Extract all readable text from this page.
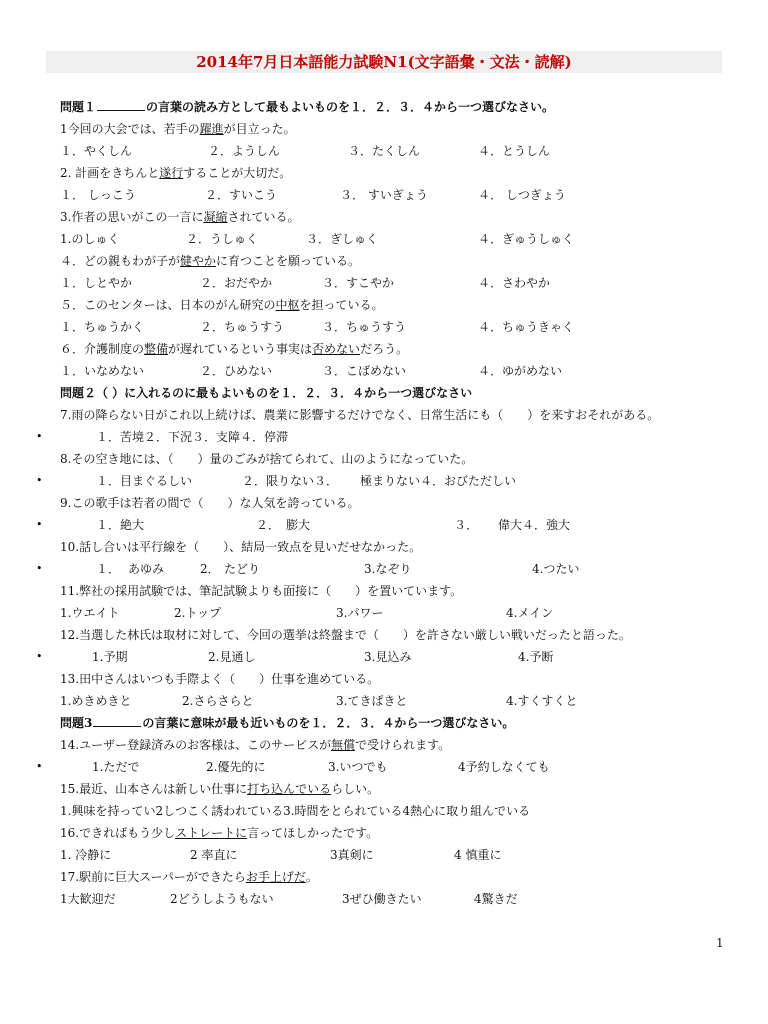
2014年7月日本語能力試験N1(文字語彙・文法・読解)
問題１	の言葉の読み方として最もよいものを１．２．３．４から一つ選びなさい。
1今回の大会では、若手の躍進が目立った。
１．やくしん	２．ようしん	３．たくしん	４．とうしん
2. 計画をきちんと遂行することが大切だ。
１． しっこう	２．すいこう	３． すいぎょう	４． しつぎょう
3.作者の思いがこの一言に凝縮されている。
1.のしゅく	２．うしゅく	３．ぎしゅく	４．ぎゅうしゅく
４．どの親もわが子が健やかに育つことを願っている。
１．しとやか	２．おだやか	３．すこやか	４．さわやか
５．このセンターは、日本のがん研究の中枢を担っている。
１．ちゅうかく	２．ちゅうすう	３．ちゅうすう	４．ちゅうきゃく
６．介護制度の整備が遅れているという事実は否めないだろう。
１．いなめない	２．ひめない	３．こばめない	４．ゆがめない
問題２（ ）に入れるのに最もよいものを１．２．３．４から一つ選びなさい
7.雨の降らない日がこれ以上続けば、農業に影響するだけでなく、日常生活にも（　　）を来すおそれがある。
•	１．苦境２．下況３．支障４．停滞
8.その空き地には、（　　）量のごみが捨てられて、山のようになっていた。
•	１．目まぐるしい	２．限りない３． 極まりない４．おびただしい
9.この歌手は若者の間で（　　）な人気を誇っている。
•	１．絶大	２． 膨大	３． 偉大４． 強大
10.話し合いは平行線を（　　）、結局一致点を見いだせなかった。
•	１． あゆみ	2． たどり	3.なぞり	4.つたい
11.弊社の採用試験では、筆記試験よりも面接に（　　）を置いています。
1.ウエイト	2.トップ	3.パワー	4.メイン
12.当選した林氏は取材に対して、今回の選挙は終盤まで（　　）を許さない厳しい戦いだったと語った。
•	1.予期	2.見通し	3.見込み	4.予断
13.田中さんはいつも手際よく（　　）仕事を進めている。
1.めきめきと	2.さらさらと	3.てきぱきと	4.すくすくと
問題3	の言葉に意味が最も近いものを１．２．３．４から一つ選びなさい。
14.ユーザー登録済みのお客様は、このサービスが無償で受けられます。
•	1.ただで	2.優先的に	3.いつでも	4予約しなくても
15.最近、山本さんは新しい仕事に打ち込んでいるらしい。
1.興味を持ってい2しつこく誘われている3.時間をとられている4熱心に取り組んでいる
16.できればもう少しストレートに言ってほしかったです。
1. 冷静に	2 率直に	3真剣に	4 慎重に
17.駅前に巨大スーパーができたらお手上げだ。
1大歓迎だ	2どうしようもない	3ぜひ働きたい	4驚きだ
1
